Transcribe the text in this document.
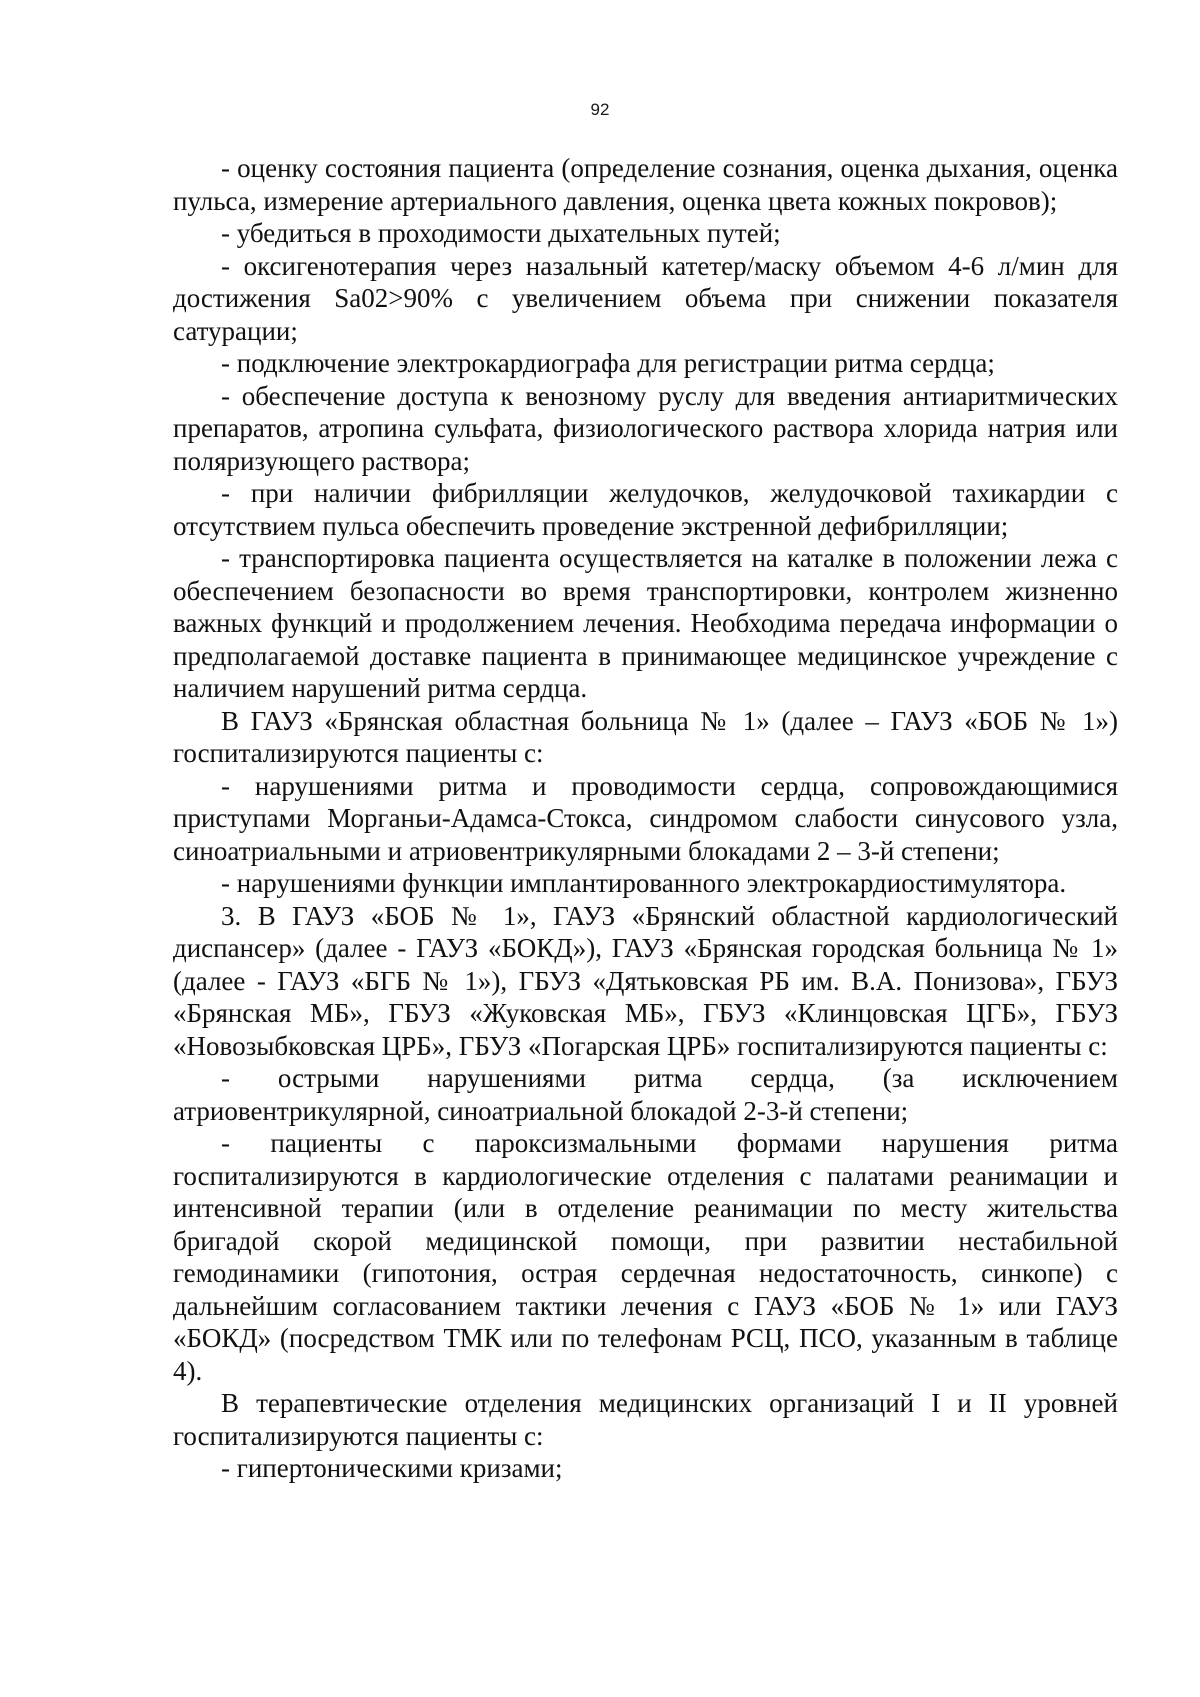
92

- оценку состояния пациента (определение сознания, оценка дыхания, оценка пульса, измерение артериального давления, оценка цвета кожных покровов);

- убедиться в проходимости дыхательных путей;

- оксигенотерапия через назальный катетер/маску объемом 4-6 л/мин для достижения Sa02>90% с увеличением объема при снижении показателя сатурации;

- подключение электрокардиографа для регистрации ритма сердца;

- обеспечение доступа к венозному руслу для введения антиаритмических препаратов, атропина сульфата, физиологического раствора хлорида натрия или поляризующего раствора;

- при наличии фибрилляции желудочков, желудочковой тахикардии с отсутствием пульса обеспечить проведение экстренной дефибрилляции;

- транспортировка пациента осуществляется на каталке в положении лежа с обеспечением безопасности во время транспортировки, контролем жизненно важных функций и продолжением лечения. Необходима передача информации о предполагаемой доставке пациента в принимающее медицинское учреждение с наличием нарушений ритма сердца.

В ГАУЗ «Брянская областная больница № 1» (далее – ГАУЗ «БОБ № 1») госпитализируются пациенты с:

- нарушениями ритма и проводимости сердца, сопровождающимися приступами Морганьи-Адамса-Стокса, синдромом слабости синусового узла, синоатриальными и атриовентрикулярными блокадами 2 – 3-й степени;

- нарушениями функции имплантированного электрокардиостимулятора.

3. В ГАУЗ «БОБ № 1», ГАУЗ «Брянский областной кардиологический диспансер» (далее - ГАУЗ «БОКД»), ГАУЗ «Брянская городская больница № 1» (далее - ГАУЗ «БГБ № 1»), ГБУЗ «Дятьковская РБ им. В.А. Понизова», ГБУЗ «Брянская МБ», ГБУЗ «Жуковская МБ», ГБУЗ «Клинцовская ЦГБ», ГБУЗ «Новозыбковская ЦРБ», ГБУЗ «Погарская ЦРБ» госпитализируются пациенты с:

- острыми нарушениями ритма сердца, (за исключением атриовентрикулярной, синоатриальной блокадой 2-3-й степени;

- пациенты с пароксизмальными формами нарушения ритма госпитализируются в кардиологические отделения с палатами реанимации и интенсивной терапии (или в отделение реанимации по месту жительства бригадой скорой медицинской помощи, при развитии нестабильной гемодинамики (гипотония, острая сердечная недостаточность, синкопе) с дальнейшим согласованием тактики лечения с ГАУЗ «БОБ № 1» или ГАУЗ «БОКД» (посредством ТМК или по телефонам РСЦ, ПСО, указанным в таблице 4).

В терапевтические отделения медицинских организаций I и II уровней госпитализируются пациенты с:

- гипертоническими кризами;
